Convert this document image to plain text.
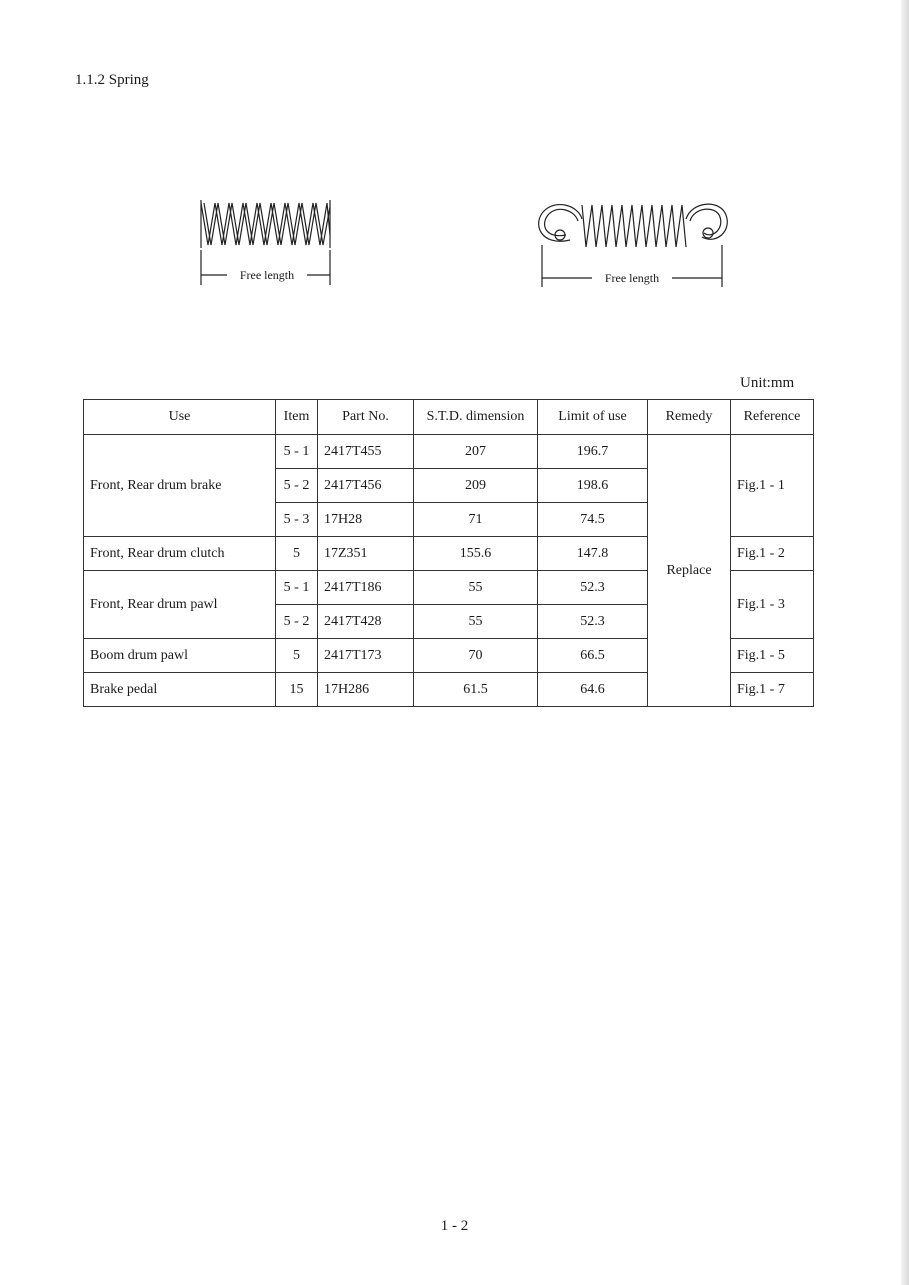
1.1.2 Spring
Free length	Free length
Unit:mm
Use	Item	Part No.	S.T.D. dimension	Limit of use	Remedy	Reference
Front, Rear drum brake	5 - 1	2417T455	207	196.7	Replace	Fig.1 - 1
	5 - 2	2417T456	209	198.6		
	5 - 3	17H28	71	74.5		
Front, Rear drum clutch	5	17Z351	155.6	147.8		Fig.1 - 2
Front, Rear drum pawl	5 - 1	2417T186	55	52.3		Fig.1 - 3
	5 - 2	2417T428	55	52.3		
Boom drum pawl	5	2417T173	70	66.5		Fig.1 - 5
Brake pedal	15	17H286	61.5	64.6		Fig.1 - 7
1 - 2
